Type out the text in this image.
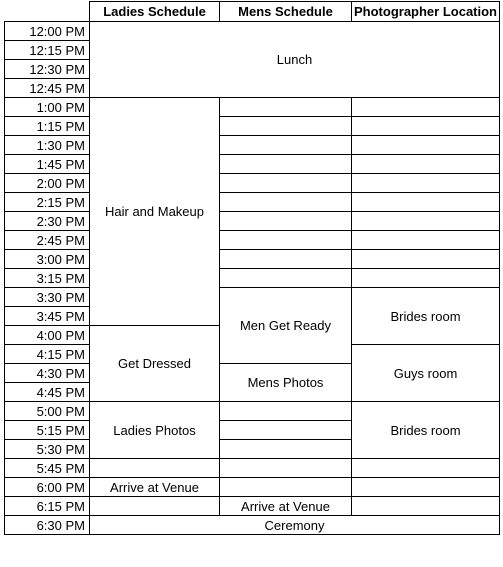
	Ladies Schedule	Mens Schedule	Photographer Location
12:00 PM	Lunch		
12:15 PM			
12:30 PM			
12:45 PM			
1:00 PM	Hair and Makeup		
1:15 PM			
1:30 PM			
1:45 PM			
2:00 PM			
2:15 PM			
2:30 PM			
2:45 PM			
3:00 PM			
3:15 PM			
3:30 PM		Men Get Ready	Brides room
3:45 PM			
4:00 PM	Get Dressed		
4:15 PM			Guys room
4:30 PM		Mens Photos	
4:45 PM			
5:00 PM	Ladies Photos		Brides room
5:15 PM			
5:30 PM			
5:45 PM			
6:00 PM	Arrive at Venue		
6:15 PM		Arrive at Venue	
6:30 PM	Ceremony		
